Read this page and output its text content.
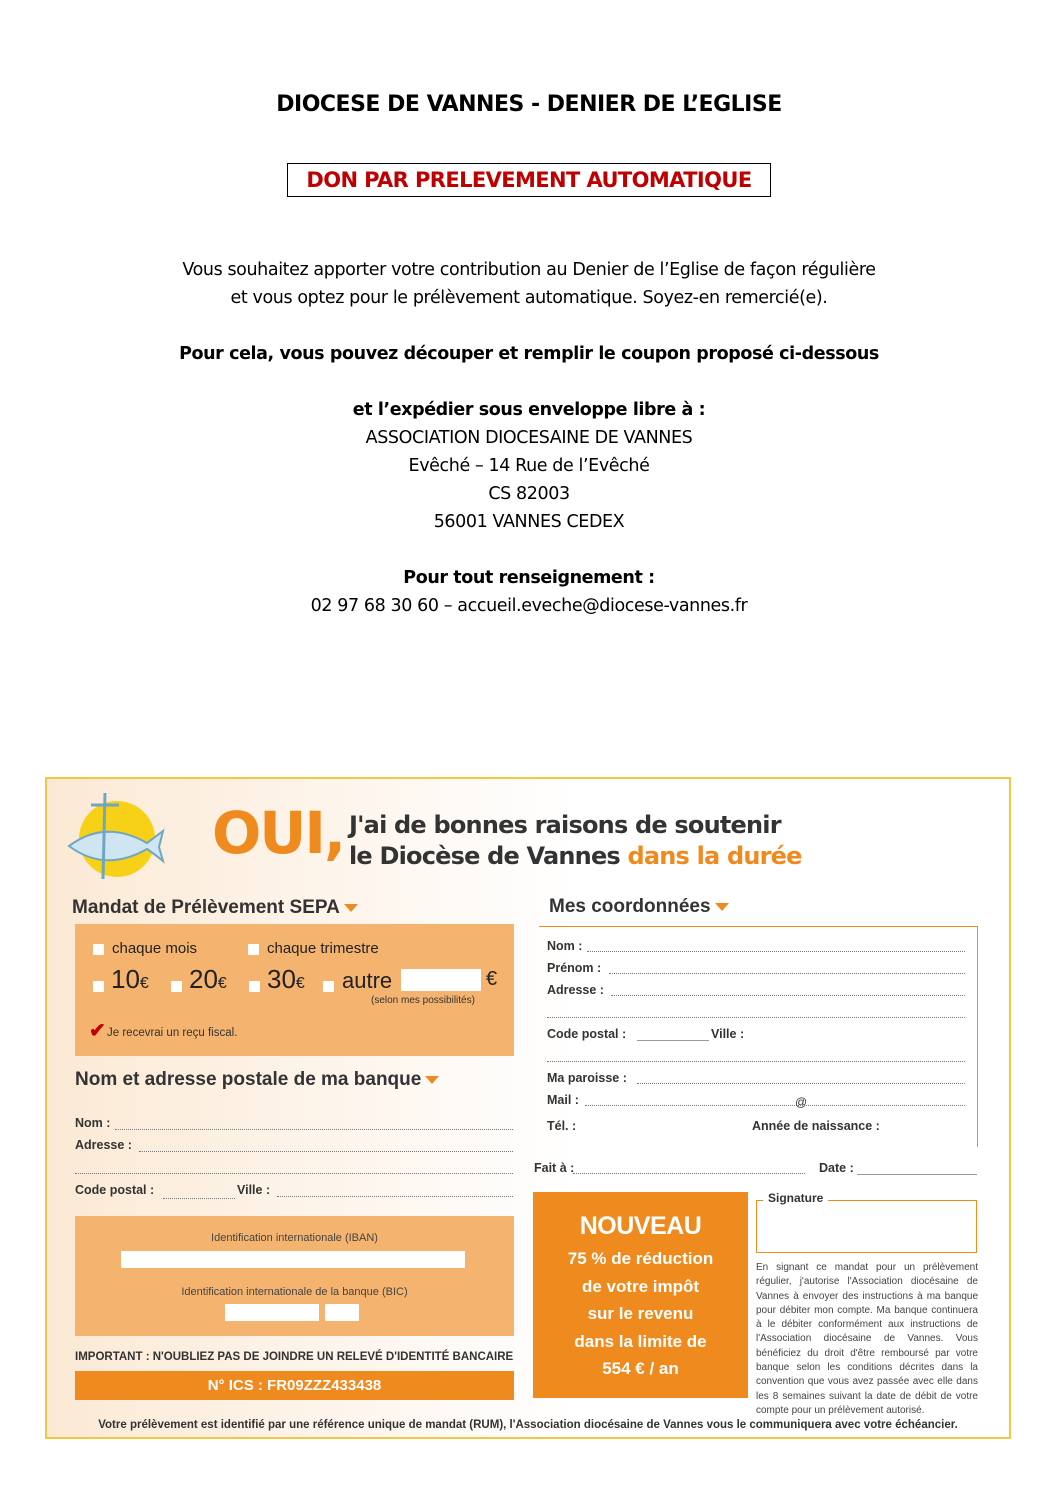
DIOCESE DE VANNES - DENIER DE L’EGLISE
DON PAR PRELEVEMENT AUTOMATIQUE
Vous souhaitez apporter votre contribution au Denier de l’Eglise de façon régulière
et vous optez pour le prélèvement automatique. Soyez-en remercié(e).
Pour cela, vous pouvez découper et remplir le coupon proposé ci-dessous
et l’expédier sous enveloppe libre à :
ASSOCIATION DIOCESAINE DE VANNES
Evêché – 14 Rue de l’Evêché
CS 82003
56001 VANNES CEDEX
Pour tout renseignement :
02 97 68 30 60 – accueil.eveche@diocese-vannes.fr
OUI, J'ai de bonnes raisons de soutenir
le Diocèse de Vannes dans la durée
Mandat de Prélèvement SEPA
chaque mois	chaque trimestre
10€ 20€ 30€ autre	€
(selon mes possibilités)
✔ Je recevrai un reçu fiscal.
Nom et adresse postale de ma banque
Nom :
Adresse :
Code postal :	Ville :
Identification internationale (IBAN)
Identification internationale de la banque (BIC)
IMPORTANT : N'OUBLIEZ PAS DE JOINDRE UN RELEVÉ D'IDENTITÉ BANCAIRE
N° ICS : FR09ZZZ433438
Mes coordonnées
Nom :
Prénom :
Adresse :
Code postal :	Ville :
Ma paroisse :
Mail :	@
Tél. :	Année de naissance :
Fait à :	Date :
NOUVEAU
75 % de réduction
de votre impôt
sur le revenu
dans la limite de
554 € / an
Signature
En signant ce mandat pour un prélèvement régulier, j'autorise l'Association diocésaine de Vannes à envoyer des instructions à ma banque pour débiter mon compte. Ma banque continuera à le débiter conformément aux instructions de l'Association diocésaine de Vannes. Vous bénéficiez du droit d'être remboursé par votre banque selon les conditions décrites dans la convention que vous avez passée avec elle dans les 8 semaines suivant la date de débit de votre compte pour un prélèvement autorisé.
Votre prélèvement est identifié par une référence unique de mandat (RUM), l'Association diocésaine de Vannes vous le communiquera avec votre échéancier.
